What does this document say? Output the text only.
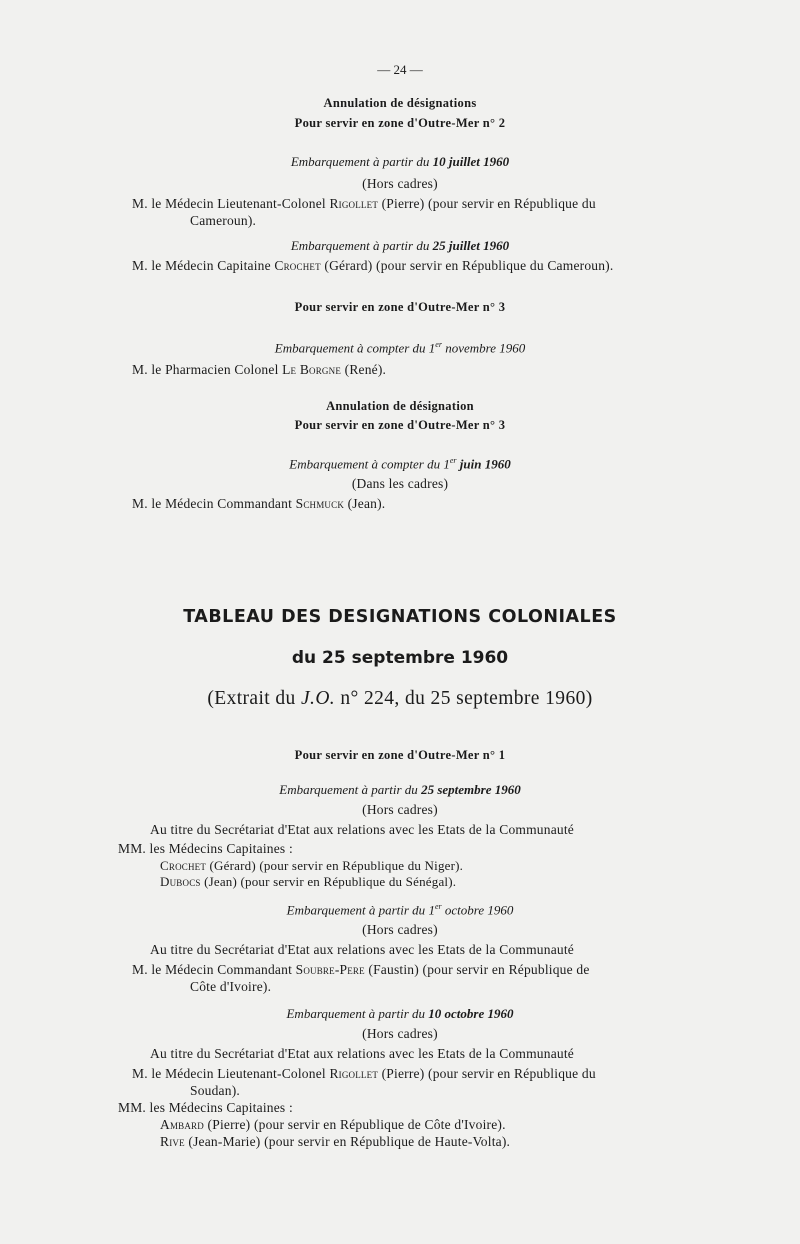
— 24 —
Annulation de désignations
Pour servir en zone d'Outre-Mer n° 2
Embarquement à partir du 10 juillet 1960
(Hors cadres)
M. le Médecin Lieutenant-Colonel Rigollet (Pierre) (pour servir en République du
Cameroun).
Embarquement à partir du 25 juillet 1960
M. le Médecin Capitaine Crochet (Gérard) (pour servir en République du Cameroun).
Pour servir en zone d'Outre-Mer n° 3
Embarquement à compter du 1er novembre 1960
M. le Pharmacien Colonel Le Borgne (René).
Annulation de désignation
Pour servir en zone d'Outre-Mer n° 3
Embarquement à compter du 1er juin 1960
(Dans les cadres)
M. le Médecin Commandant Schmuck (Jean).
TABLEAU DES DESIGNATIONS COLONIALES
du 25 septembre 1960
(Extrait du J.O. n° 224, du 25 septembre 1960)
Pour servir en zone d'Outre-Mer n° 1
Embarquement à partir du 25 septembre 1960
(Hors cadres)
Au titre du Secrétariat d'Etat aux relations avec les Etats de la Communauté
MM. les Médecins Capitaines :
Crochet (Gérard) (pour servir en République du Niger).
Dubocs (Jean) (pour servir en République du Sénégal).
Embarquement à partir du 1er octobre 1960
(Hors cadres)
Au titre du Secrétariat d'Etat aux relations avec les Etats de la Communauté
M. le Médecin Commandant Soubre-Pere (Faustin) (pour servir en République de
Côte d'Ivoire).
Embarquement à partir du 10 octobre 1960
(Hors cadres)
Au titre du Secrétariat d'Etat aux relations avec les Etats de la Communauté
M. le Médecin Lieutenant-Colonel Rigollet (Pierre) (pour servir en République du
Soudan).
MM. les Médecins Capitaines :
Ambard (Pierre) (pour servir en République de Côte d'Ivoire).
Rive (Jean-Marie) (pour servir en République de Haute-Volta).
